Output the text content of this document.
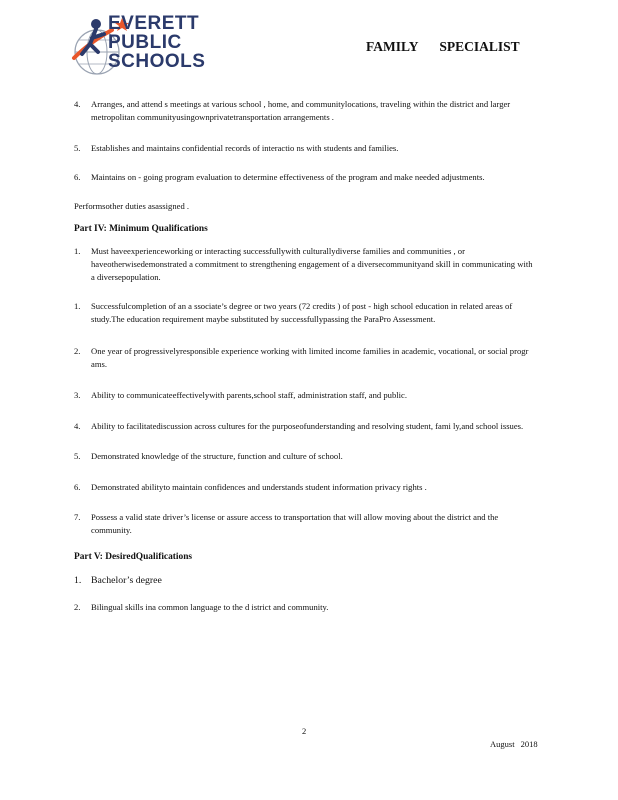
EVERETT
PUBLIC
SCHOOLS
FAMILY SPECIALIST
4. Arranges, and attend s meetings at various school , home, and communitylocations, traveling within the district and larger metropolitan communityusingownprivatetransportation arrangements .
5. Establishes and maintains confidential records of interactio ns with students and families.
6. Maintains on - going program evaluation to determine effectiveness of the program and make needed adjustments.
Performsother duties asassigned .
Part IV: Minimum Qualifications
1. Must haveexperienceworking or interacting successfullywith culturallydiverse families and communities , or haveotherwisedemonstrated a commitment to strengthening engagement of a diversecommunityand skill in communicating with a diversepopulation.
1. Successfulcompletion of an a ssociate’s degree or two years (72 credits ) of post - high school education in related areas of study.The education requirement maybe substituted by successfullypassing the ParaPro Assessment.
2. One year of progressivelyresponsible experience working with limited income families in academic, vocational, or social progr ams.
3. Ability to communicateeffectivelywith parents,school staff, administration staff, and public.
4. Ability to facilitatediscussion across cultures for the purposeofunderstanding and resolving student, fami ly,and school issues.
5. Demonstrated knowledge of the structure, function and culture of school.
6. Demonstrated abilityto maintain confidences and understands student information privacy rights .
7. Possess a valid state driver’s license or assure access to transportation that will allow moving about the district and the community.
Part V: DesiredQualifications
1. Bachelor’s degree
2. Bilingual skills ina common language to the d istrict and community.
2
August 2018
